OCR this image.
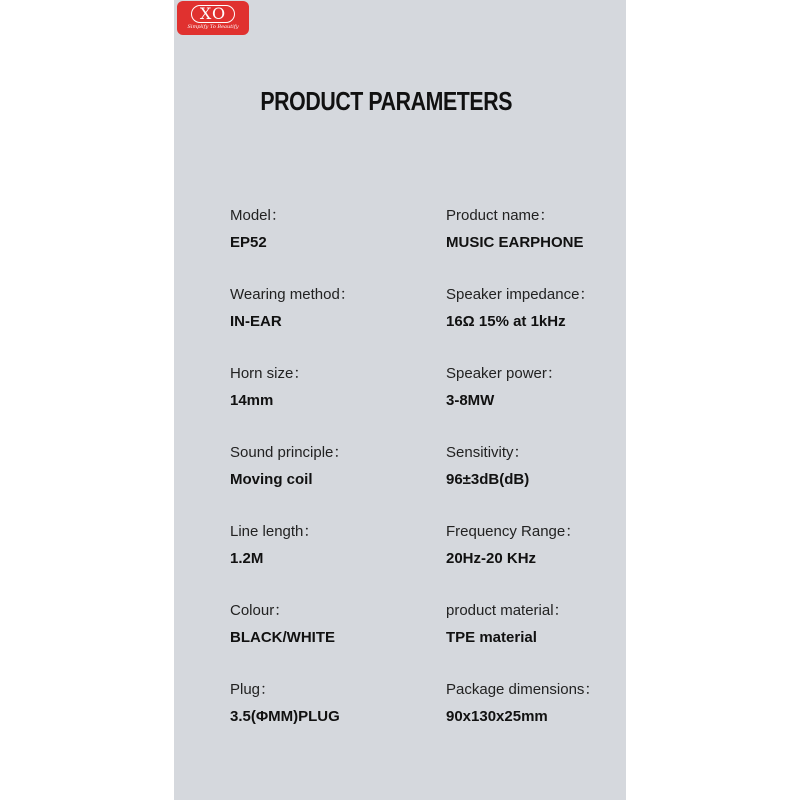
XO
Simplify To Beautify
PRODUCT PARAMETERS
Model：
EP52
Product name：
MUSIC EARPHONE
Wearing method：
IN-EAR
Speaker impedance：
16Ω 15% at 1kHz
Horn size：
14mm
Speaker power：
3-8MW
Sound principle：
Moving coil
Sensitivity：
96±3dB(dB)
Line length：
1.2M
Frequency Range：
20Hz-20 KHz
Colour：
BLACK/WHITE
product material：
TPE material
Plug：
3.5(ΦMM)PLUG
Package dimensions：
90x130x25mm
